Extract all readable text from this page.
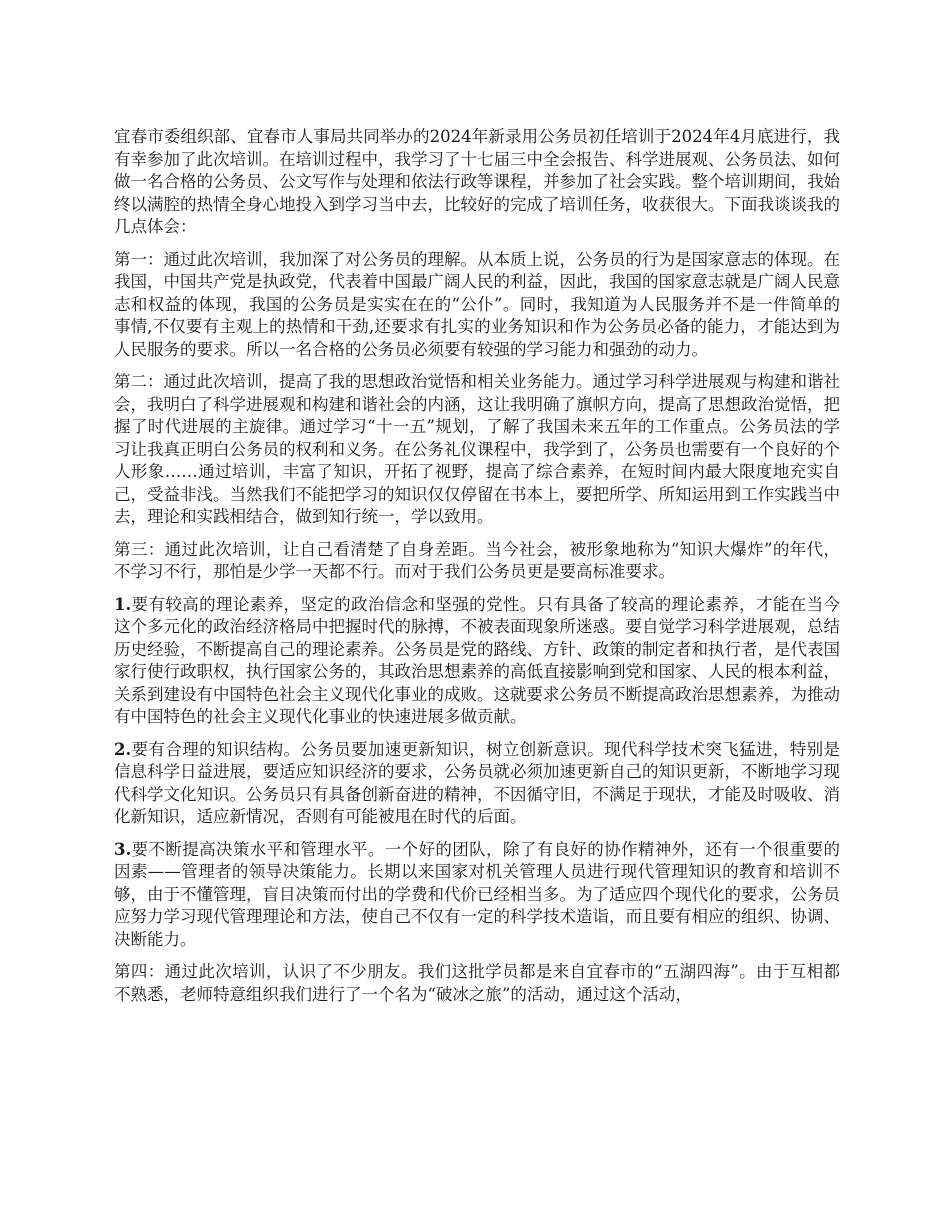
宜春市委组织部、宜春市人事局共同举办的2024年新录用公务员初任培训于2024年4月底进行，我有幸参加了此次培训。在培训过程中，我学习了十七届三中全会报告、科学进展观、公务员法、如何做一名合格的公务员、公文写作与处理和依法行政等课程，并参加了社会实践。整个培训期间，我始终以满腔的热情全身心地投入到学习当中去，比较好的完成了培训任务，收获很大。下面我谈谈我的几点体会：

第一：通过此次培训，我加深了对公务员的理解。从本质上说，公务员的行为是国家意志的体现。在我国，中国共产党是执政党，代表着中国最广阔人民的利益，因此，我国的国家意志就是广阔人民意志和权益的体现，我国的公务员是实实在在的“公仆”。同时，我知道为人民服务并不是一件简单的事情,不仅要有主观上的热情和干劲,还要求有扎实的业务知识和作为公务员必备的能力，才能达到为人民服务的要求。所以一名合格的公务员必须要有较强的学习能力和强劲的动力。

第二：通过此次培训，提高了我的思想政治觉悟和相关业务能力。通过学习科学进展观与构建和谐社会，我明白了科学进展观和构建和谐社会的内涵，这让我明确了旗帜方向，提高了思想政治觉悟，把握了时代进展的主旋律。通过学习“十一五”规划，了解了我国未来五年的工作重点。公务员法的学习让我真正明白公务员的权利和义务。在公务礼仪课程中，我学到了，公务员也需要有一个良好的个人形象……通过培训，丰富了知识，开拓了视野，提高了综合素养，在短时间内最大限度地充实自己，受益非浅。当然我们不能把学习的知识仅仅停留在书本上，要把所学、所知运用到工作实践当中去，理论和实践相结合，做到知行统一，学以致用。

第三：通过此次培训，让自己看清楚了自身差距。当今社会，被形象地称为“知识大爆炸”的年代，不学习不行，那怕是少学一天都不行。而对于我们公务员更是要高标准要求。

1.要有较高的理论素养，坚定的政治信念和坚强的党性。只有具备了较高的理论素养，才能在当今这个多元化的政治经济格局中把握时代的脉搏，不被表面现象所迷惑。要自觉学习科学进展观，总结历史经验，不断提高自己的理论素养。公务员是党的路线、方针、政策的制定者和执行者，是代表国家行使行政职权，执行国家公务的，其政治思想素养的高低直接影响到党和国家、人民的根本利益，关系到建设有中国特色社会主义现代化事业的成败。这就要求公务员不断提高政治思想素养，为推动有中国特色的社会主义现代化事业的快速进展多做贡献。

2.要有合理的知识结构。公务员要加速更新知识，树立创新意识。现代科学技术突飞猛进，特别是信息科学日益进展，要适应知识经济的要求，公务员就必须加速更新自己的知识更新，不断地学习现代科学文化知识。公务员只有具备创新奋进的精神，不因循守旧，不满足于现状，才能及时吸收、消化新知识，适应新情况，否则有可能被甩在时代的后面。

3.要不断提高决策水平和管理水平。一个好的团队，除了有良好的协作精神外，还有一个很重要的因素——管理者的领导决策能力。长期以来国家对机关管理人员进行现代管理知识的教育和培训不够，由于不懂管理，盲目决策而付出的学费和代价已经相当多。为了适应四个现代化的要求，公务员应努力学习现代管理理论和方法，使自己不仅有一定的科学技术造诣，而且要有相应的组织、协调、决断能力。

第四：通过此次培训，认识了不少朋友。我们这批学员都是来自宜春市的“五湖四海”。由于互相都不熟悉，老师特意组织我们进行了一个名为“破冰之旅”的活动，通过这个活动，
